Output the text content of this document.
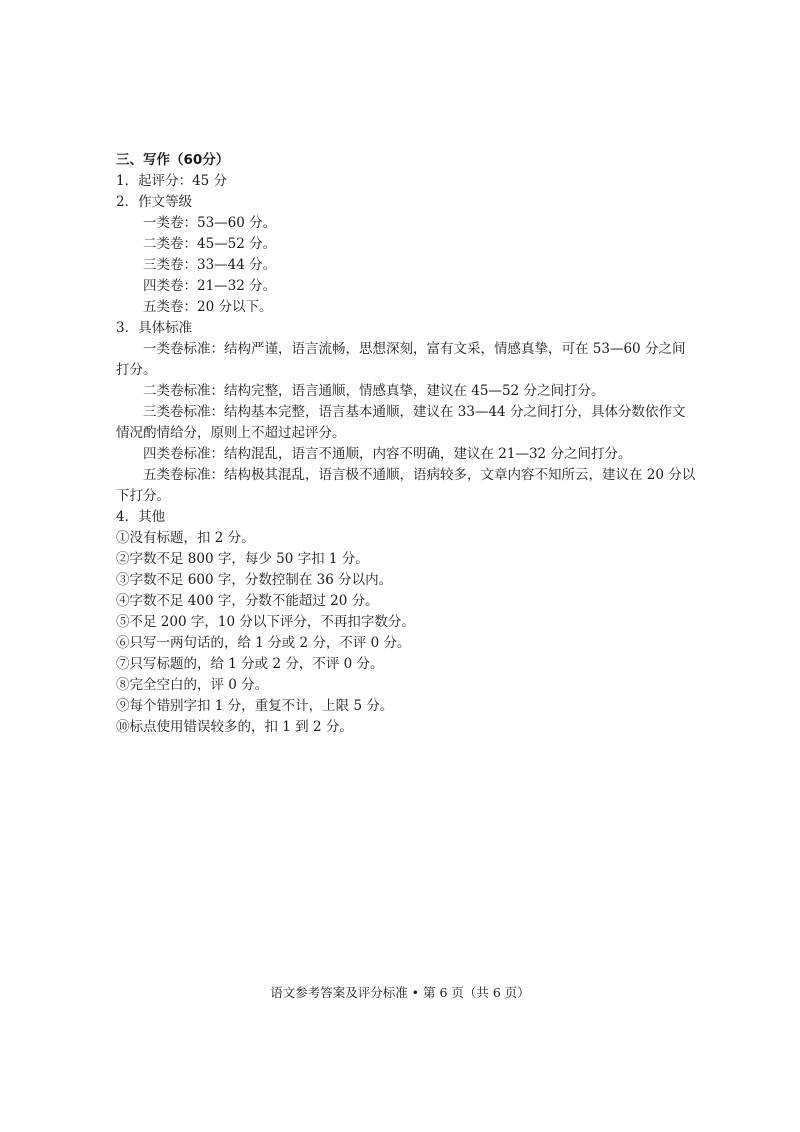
三、写作（60分）

1．起评分：45 分

2．作文等级

一类卷：53—60 分。

二类卷：45—52 分。

三类卷：33—44 分。

四类卷：21—32 分。

五类卷：20 分以下。

3．具体标准

一类卷标准：结构严谨，语言流畅，思想深刻，富有文采，情感真挚，可在 53—60 分之间打分。

二类卷标准：结构完整，语言通顺，情感真挚，建议在 45—52 分之间打分。

三类卷标准：结构基本完整，语言基本通顺，建议在 33—44 分之间打分，具体分数依作文情况酌情给分，原则上不超过起评分。

四类卷标准：结构混乱，语言不通顺，内容不明确，建议在 21—32 分之间打分。

五类卷标准：结构极其混乱，语言极不通顺，语病较多，文章内容不知所云，建议在 20 分以下打分。

4．其他

①没有标题，扣 2 分。

②字数不足 800 字，每少 50 字扣 1 分。

③字数不足 600 字，分数控制在 36 分以内。

④字数不足 400 字，分数不能超过 20 分。

⑤不足 200 字，10 分以下评分，不再扣字数分。

⑥只写一两句话的，给 1 分或 2 分，不评 0 分。

⑦只写标题的，给 1 分或 2 分，不评 0 分。

⑧完全空白的，评 0 分。

⑨每个错别字扣 1 分，重复不计，上限 5 分。

⑩标点使用错误较多的，扣 1 到 2 分。

语文参考答案及评分标准 • 第 6 页（共 6 页）
